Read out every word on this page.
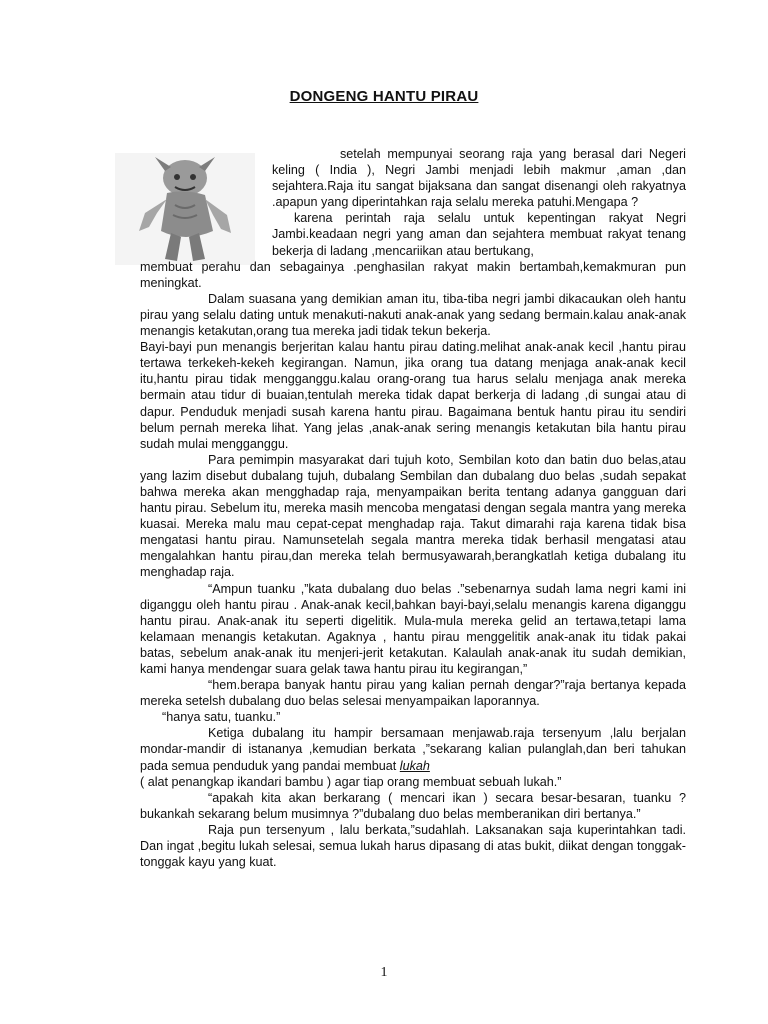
DONGENG HANTU PIRAU

setelah mempunyai seorang raja yang berasal dari Negeri keling ( India ), Negri Jambi menjadi lebih makmur ,aman ,dan sejahtera.Raja itu sangat bijaksana dan sangat disenangi oleh rakyatnya .apapun yang diperintahkan raja selalu mereka patuhi.Mengapa ?

karena perintah raja selalu untuk kepentingan rakyat Negri Jambi.keadaan negri yang aman dan sejahtera membuat rakyat tenang bekerja di ladang ,mencariikan atau bertukang,

membuat perahu dan sebagainya .penghasilan rakyat makin bertambah,kemakmuran pun meningkat.

Dalam suasana yang demikian aman itu, tiba-tiba negri jambi dikacaukan oleh hantu pirau yang selalu dating untuk menakuti-nakuti anak-anak yang sedang bermain.kalau anak-anak menangis ketakutan,orang tua mereka jadi tidak tekun bekerja.

Bayi-bayi pun menangis berjeritan kalau hantu pirau dating.melihat anak-anak kecil ,hantu pirau tertawa terkekeh-kekeh kegirangan. Namun, jika orang tua datang menjaga anak-anak kecil itu,hantu pirau tidak mengganggu.kalau orang-orang tua harus selalu menjaga anak mereka bermain atau tidur di buaian,tentulah mereka tidak dapat berkerja di ladang ,di sungai atau di dapur. Penduduk menjadi susah karena hantu pirau. Bagaimana bentuk hantu pirau itu sendiri belum pernah mereka lihat. Yang jelas ,anak-anak sering menangis ketakutan bila hantu pirau sudah mulai mengganggu.

Para pemimpin masyarakat dari tujuh koto, Sembilan koto dan batin duo belas,atau yang lazim disebut dubalang tujuh, dubalang Sembilan dan dubalang duo belas ,sudah sepakat bahwa mereka akan mengghadap raja, menyampaikan berita tentang adanya gangguan dari hantu pirau. Sebelum itu, mereka masih mencoba mengatasi dengan segala mantra yang mereka kuasai. Mereka malu mau cepat-cepat menghadap raja. Takut dimarahi raja karena tidak bisa mengatasi hantu pirau. Namunsetelah segala mantra mereka tidak berhasil mengatasi atau mengalahkan hantu pirau,dan mereka telah bermusyawarah,berangkatlah ketiga dubalang itu menghadap raja.

“Ampun tuanku ,”kata dubalang duo belas .”sebenarnya sudah lama negri kami ini diganggu oleh hantu pirau . Anak-anak kecil,bahkan bayi-bayi,selalu menangis karena diganggu hantu pirau. Anak-anak itu seperti digelitik. Mula-mula mereka gelid an tertawa,tetapi lama kelamaan menangis ketakutan. Agaknya , hantu pirau menggelitik anak-anak itu tidak pakai batas, sebelum anak-anak itu menjeri-jerit ketakutan. Kalaulah anak-anak itu sudah demikian, kami hanya mendengar suara gelak tawa hantu pirau itu kegirangan,”

“hem.berapa banyak hantu pirau yang kalian pernah dengar?”raja bertanya kepada mereka setelsh dubalang duo belas selesai menyampaikan laporannya.

“hanya satu, tuanku.”

Ketiga dubalang itu hampir bersamaan menjawab.raja tersenyum ,lalu berjalan mondar-mandir di istananya ,kemudian berkata ,”sekarang kalian pulanglah,dan beri tahukan pada semua penduduk yang pandai membuat lukah

( alat penangkap ikandari bambu ) agar tiap orang membuat sebuah lukah.”

“apakah kita akan berkarang ( mencari ikan ) secara besar-besaran, tuanku ? bukankah sekarang belum musimnya ?”dubalang duo belas memberanikan diri bertanya.”

Raja pun tersenyum , lalu berkata,”sudahlah. Laksanakan saja kuperintahkan tadi. Dan ingat ,begitu lukah selesai, semua lukah harus dipasang di atas bukit, diikat dengan tonggak-tonggak kayu yang kuat.

1
